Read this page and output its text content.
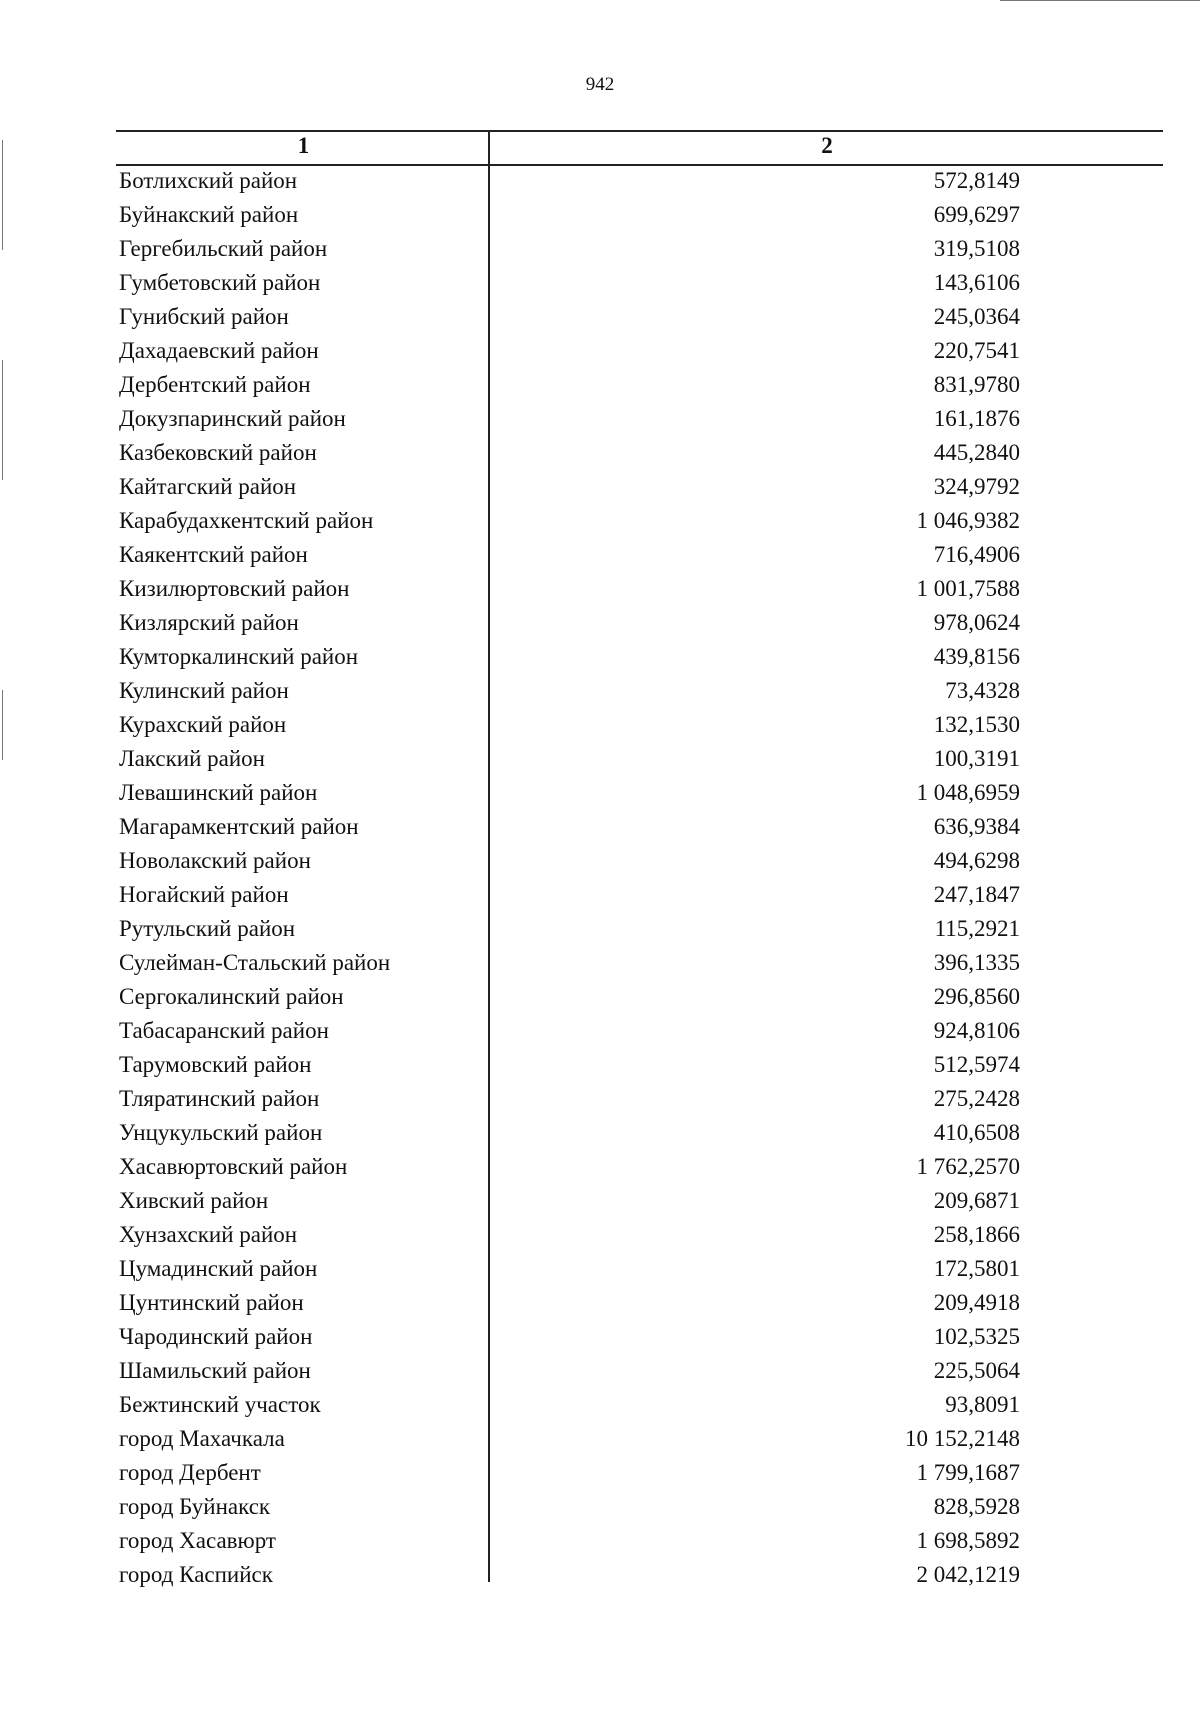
942
1	2
Ботлихский район	572,8149
Буйнакский район	699,6297
Гергебильский район	319,5108
Гумбетовский район	143,6106
Гунибский район	245,0364
Дахадаевский район	220,7541
Дербентский район	831,9780
Докузпаринский район	161,1876
Казбековский район	445,2840
Кайтагский район	324,9792
Карабудахкентский район	1 046,9382
Каякентский район	716,4906
Кизилюртовский район	1 001,7588
Кизлярский район	978,0624
Кумторкалинский район	439,8156
Кулинский район	73,4328
Курахский район	132,1530
Лакский район	100,3191
Левашинский район	1 048,6959
Магарамкентский район	636,9384
Новолакский район	494,6298
Ногайский район	247,1847
Рутульский район	115,2921
Сулейман-Стальский район	396,1335
Сергокалинский район	296,8560
Табасаранский район	924,8106
Тарумовский район	512,5974
Тляратинский район	275,2428
Унцукульский район	410,6508
Хасавюртовский район	1 762,2570
Хивский район	209,6871
Хунзахский район	258,1866
Цумадинский район	172,5801
Цунтинский район	209,4918
Чародинский район	102,5325
Шамильский район	225,5064
Бежтинский участок	93,8091
город Махачкала	10 152,2148
город Дербент	1 799,1687
город Буйнакск	828,5928
город Хасавюрт	1 698,5892
город Каспийск	2 042,1219
